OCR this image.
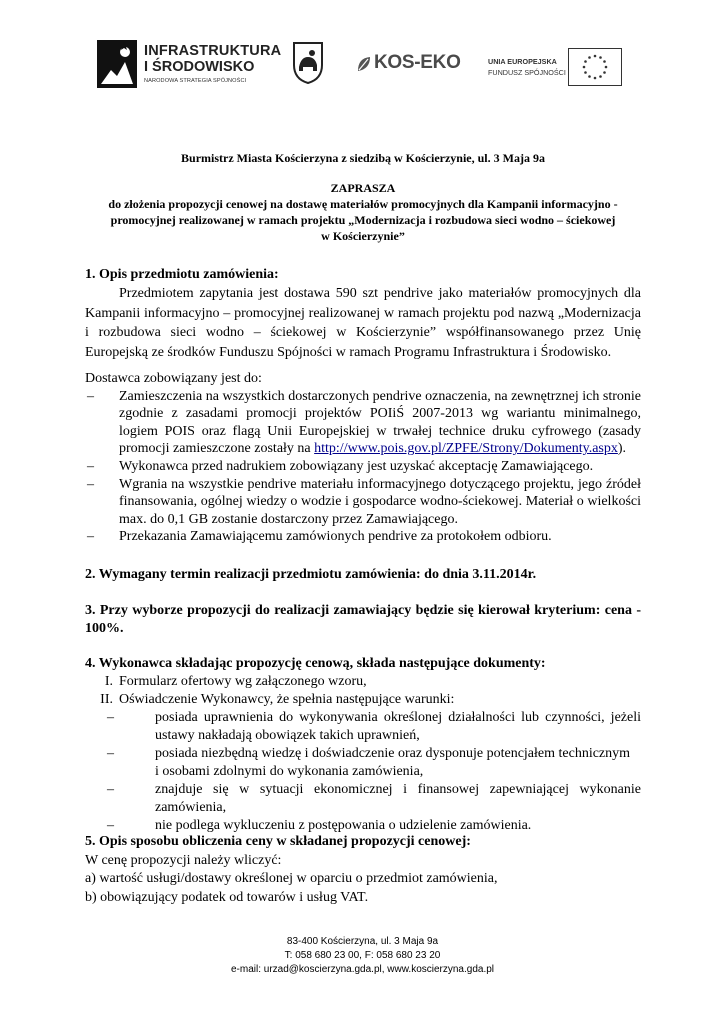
INFRASTRUKTURA
I ŚRODOWISKO
NARODOWA STRATEGIA SPÓJNOŚCI
KOS-EKO	UNIA EUROPEJSKA
FUNDUSZ SPÓJNOŚCI
Burmistrz Miasta Kościerzyna z siedzibą w Kościerzynie, ul. 3 Maja 9a
ZAPRASZA
do złożenia propozycji cenowej na dostawę materiałów promocyjnych dla Kampanii informacyjno -
promocyjnej realizowanej w ramach projektu „Modernizacja i rozbudowa sieci wodno – ściekowej
w Kościerzynie”
1. Opis przedmiotu zamówienia:
Przedmiotem zapytania jest dostawa 590 szt pendrive jako materiałów promocyjnych dla Kampanii informacyjno – promocyjnej realizowanej w ramach projektu pod nazwą „Modernizacja i rozbudowa sieci wodno – ściekowej w Kościerzynie” współfinansowanego przez Unię Europejską ze środków Funduszu Spójności w ramach Programu Infrastruktura i Środowisko.
Dostawca zobowiązany jest do:
– Zamieszczenia na wszystkich dostarczonych pendrive oznaczenia, na zewnętrznej ich stronie zgodnie z zasadami promocji projektów POIiŚ 2007-2013 wg wariantu minimalnego, logiem POIS oraz flagą Unii Europejskiej w trwałej technice druku cyfrowego (zasady promocji zamieszczone zostały na http://www.pois.gov.pl/ZPFE/Strony/Dokumenty.aspx).
– Wykonawca przed nadrukiem zobowiązany jest uzyskać akceptację Zamawiającego.
– Wgrania na wszystkie pendrive materiału informacyjnego dotyczącego projektu, jego źródeł finansowania, ogólnej wiedzy o wodzie i gospodarce wodno-ściekowej. Materiał o wielkości max. do 0,1 GB zostanie dostarczony przez Zamawiającego.
– Przekazania Zamawiającemu zamówionych pendrive za protokołem odbioru.
2. Wymagany termin realizacji przedmiotu zamówienia: do dnia 3.11.2014r.
3. Przy wyborze propozycji do realizacji zamawiający będzie się kierował kryterium: cena - 100%.
4. Wykonawca składając propozycję cenową, składa następujące dokumenty:
I. Formularz ofertowy wg załączonego wzoru,
II. Oświadczenie Wykonawcy, że spełnia następujące warunki:
–	posiada uprawnienia do wykonywania określonej działalności lub czynności, jeżeli ustawy nakładają obowiązek takich uprawnień,
–	posiada niezbędną wiedzę i doświadczenie oraz dysponuje potencjałem technicznym
i osobami zdolnymi do wykonania zamówienia,
–	znajduje się w sytuacji ekonomicznej i finansowej zapewniającej wykonanie zamówienia,
–	nie podlega wykluczeniu z postępowania o udzielenie zamówienia.
5. Opis sposobu obliczenia ceny w składanej propozycji cenowej:
W cenę propozycji należy wliczyć:
a) wartość usługi/dostawy określonej w oparciu o przedmiot zamówienia,
b) obowiązujący podatek od towarów i usług VAT.
83-400 Kościerzyna, ul. 3 Maja 9a
T: 058 680 23 00, F: 058 680 23 20
e-mail: urzad@koscierzyna.gda.pl, www.koscierzyna.gda.pl
